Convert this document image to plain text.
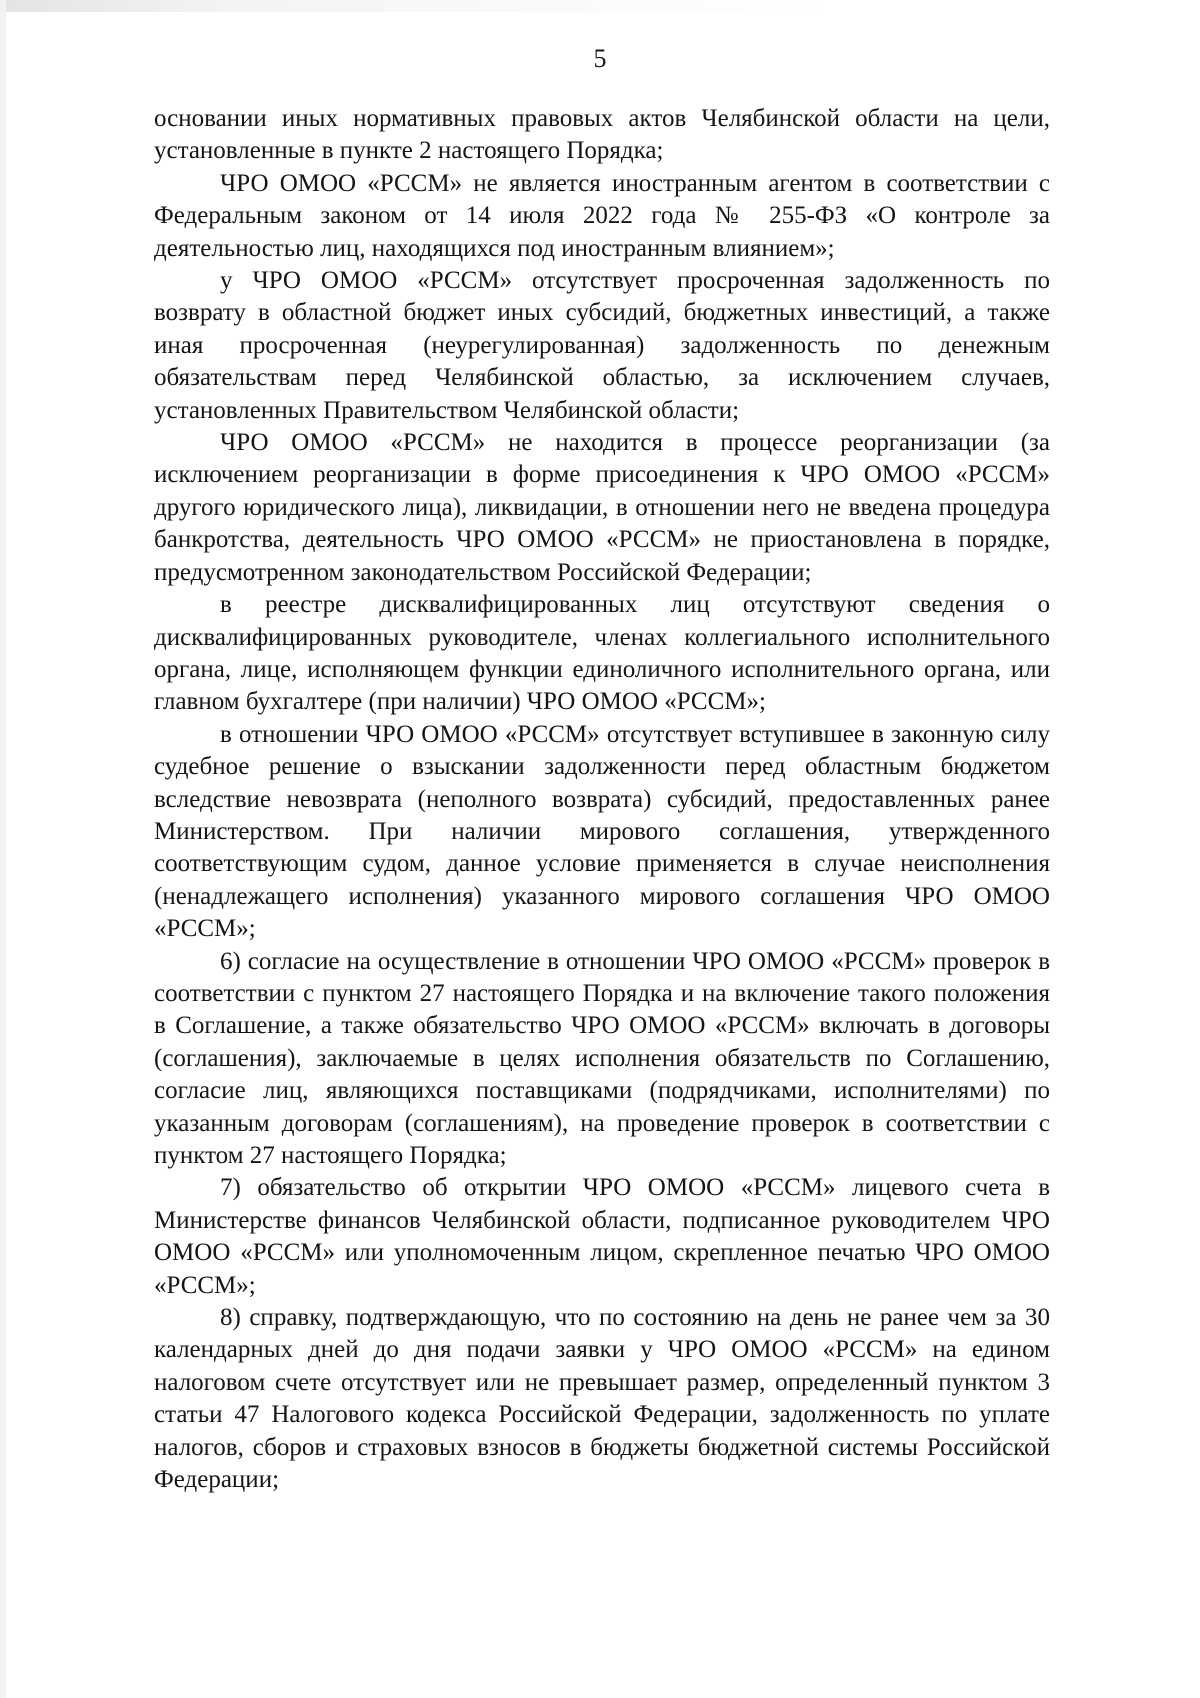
5

основании иных нормативных правовых актов Челябинской области на цели, установленные в пункте 2 настоящего Порядка;

ЧРО ОМОО «РССМ» не является иностранным агентом в соответствии с Федеральным законом от 14 июля 2022 года № 255-ФЗ «О контроле за деятельностью лиц, находящихся под иностранным влиянием»;

у ЧРО ОМОО «РССМ» отсутствует просроченная задолженность по возврату в областной бюджет иных субсидий, бюджетных инвестиций, а также иная просроченная (неурегулированная) задолженность по денежным обязательствам перед Челябинской областью, за исключением случаев, установленных Правительством Челябинской области;

ЧРО ОМОО «РССМ» не находится в процессе реорганизации (за исключением реорганизации в форме присоединения к ЧРО ОМОО «РССМ» другого юридического лица), ликвидации, в отношении него не введена процедура банкротства, деятельность ЧРО ОМОО «РССМ» не приостановлена в порядке, предусмотренном законодательством Российской Федерации;

в реестре дисквалифицированных лиц отсутствуют сведения о дисквалифицированных руководителе, членах коллегиального исполнительного органа, лице, исполняющем функции единоличного исполнительного органа, или главном бухгалтере (при наличии) ЧРО ОМОО «РССМ»;

в отношении ЧРО ОМОО «РССМ» отсутствует вступившее в законную силу судебное решение о взыскании задолженности перед областным бюджетом вследствие невозврата (неполного возврата) субсидий, предоставленных ранее Министерством. При наличии мирового соглашения, утвержденного соответствующим судом, данное условие применяется в случае неисполнения (ненадлежащего исполнения) указанного мирового соглашения ЧРО ОМОО «РССМ»;

6) согласие на осуществление в отношении ЧРО ОМОО «РССМ» проверок в соответствии с пунктом 27 настоящего Порядка и на включение такого положения в Соглашение, а также обязательство ЧРО ОМОО «РССМ» включать в договоры (соглашения), заключаемые в целях исполнения обязательств по Соглашению, согласие лиц, являющихся поставщиками (подрядчиками, исполнителями) по указанным договорам (соглашениям), на проведение проверок в соответствии с пунктом 27 настоящего Порядка;

7) обязательство об открытии ЧРО ОМОО «РССМ» лицевого счета в Министерстве финансов Челябинской области, подписанное руководителем ЧРО ОМОО «РССМ» или уполномоченным лицом, скрепленное печатью ЧРО ОМОО «РССМ»;

8) справку, подтверждающую, что по состоянию на день не ранее чем за 30 календарных дней до дня подачи заявки у ЧРО ОМОО «РССМ» на едином налоговом счете отсутствует или не превышает размер, определенный пунктом 3 статьи 47 Налогового кодекса Российской Федерации, задолженность по уплате налогов, сборов и страховых взносов в бюджеты бюджетной системы Российской Федерации;
